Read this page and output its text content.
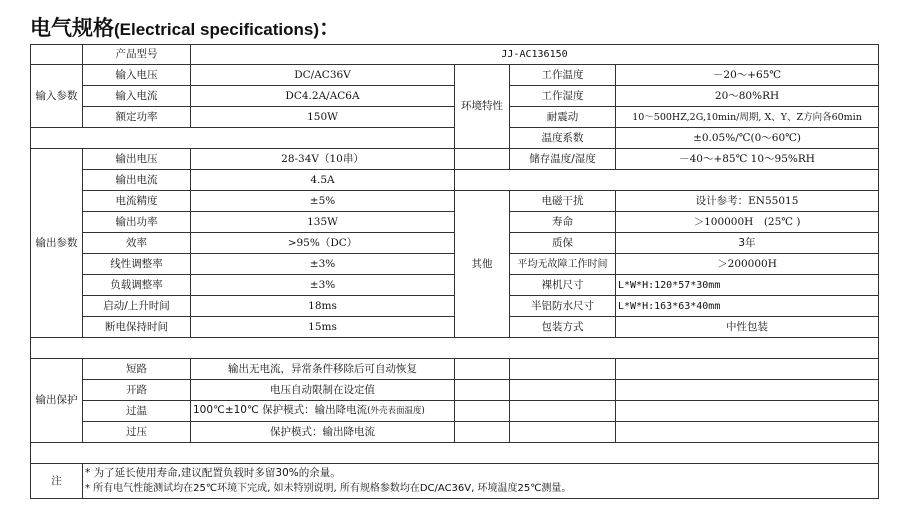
电气规格(Electrical specifications)：
	产品型号	JJ-AC136150			
输入参数	输入电压	DC/AC36V	环境特性	工作温度	－20～+65℃
	输入电流	DC4.2A/AC6A		工作湿度	20～80%RH
	额定功率	150W		耐震动	10～500HZ,2G,10min/周期, X、Y、Z方向各60min
				温度系数	±0.05%/℃(0～60℃)
输出参数	输出电压	28-34V（10串）		储存温度/湿度	－40～+85℃ 10～95%RH
	输出电流	4.5A			
	电流精度	±5%	其他	电磁干扰	设计参考：EN55015
	输出功率	135W		寿命	＞100000H　(25℃ )
	效率	>95%（DC）		质保	3年
	线性调整率	±3%		平均无故障工作时间	＞200000H
	负载调整率	±3%		裸机尺寸	L*W*H:120*57*30mm
	启动/上升时间	18ms		半铝防水尺寸	L*W*H:163*63*40mm
	断电保持时间	15ms		包装方式	中性包装

输出保护	短路	输出无电流，异常条件移除后可自动恢复			
	开路	电压自动限制在设定值			
	过温	100℃±10℃ 保护模式：输出降电流(外壳表面温度)			
	过压	保护模式：输出降电流			

注	* 为了延长使用寿命,建议配置负载时多留30%的余量。
* 所有电气性能测试均在25℃环境下完成, 如未特别说明, 所有规格参数均在DC/AC36V, 环境温度25℃测量。				
